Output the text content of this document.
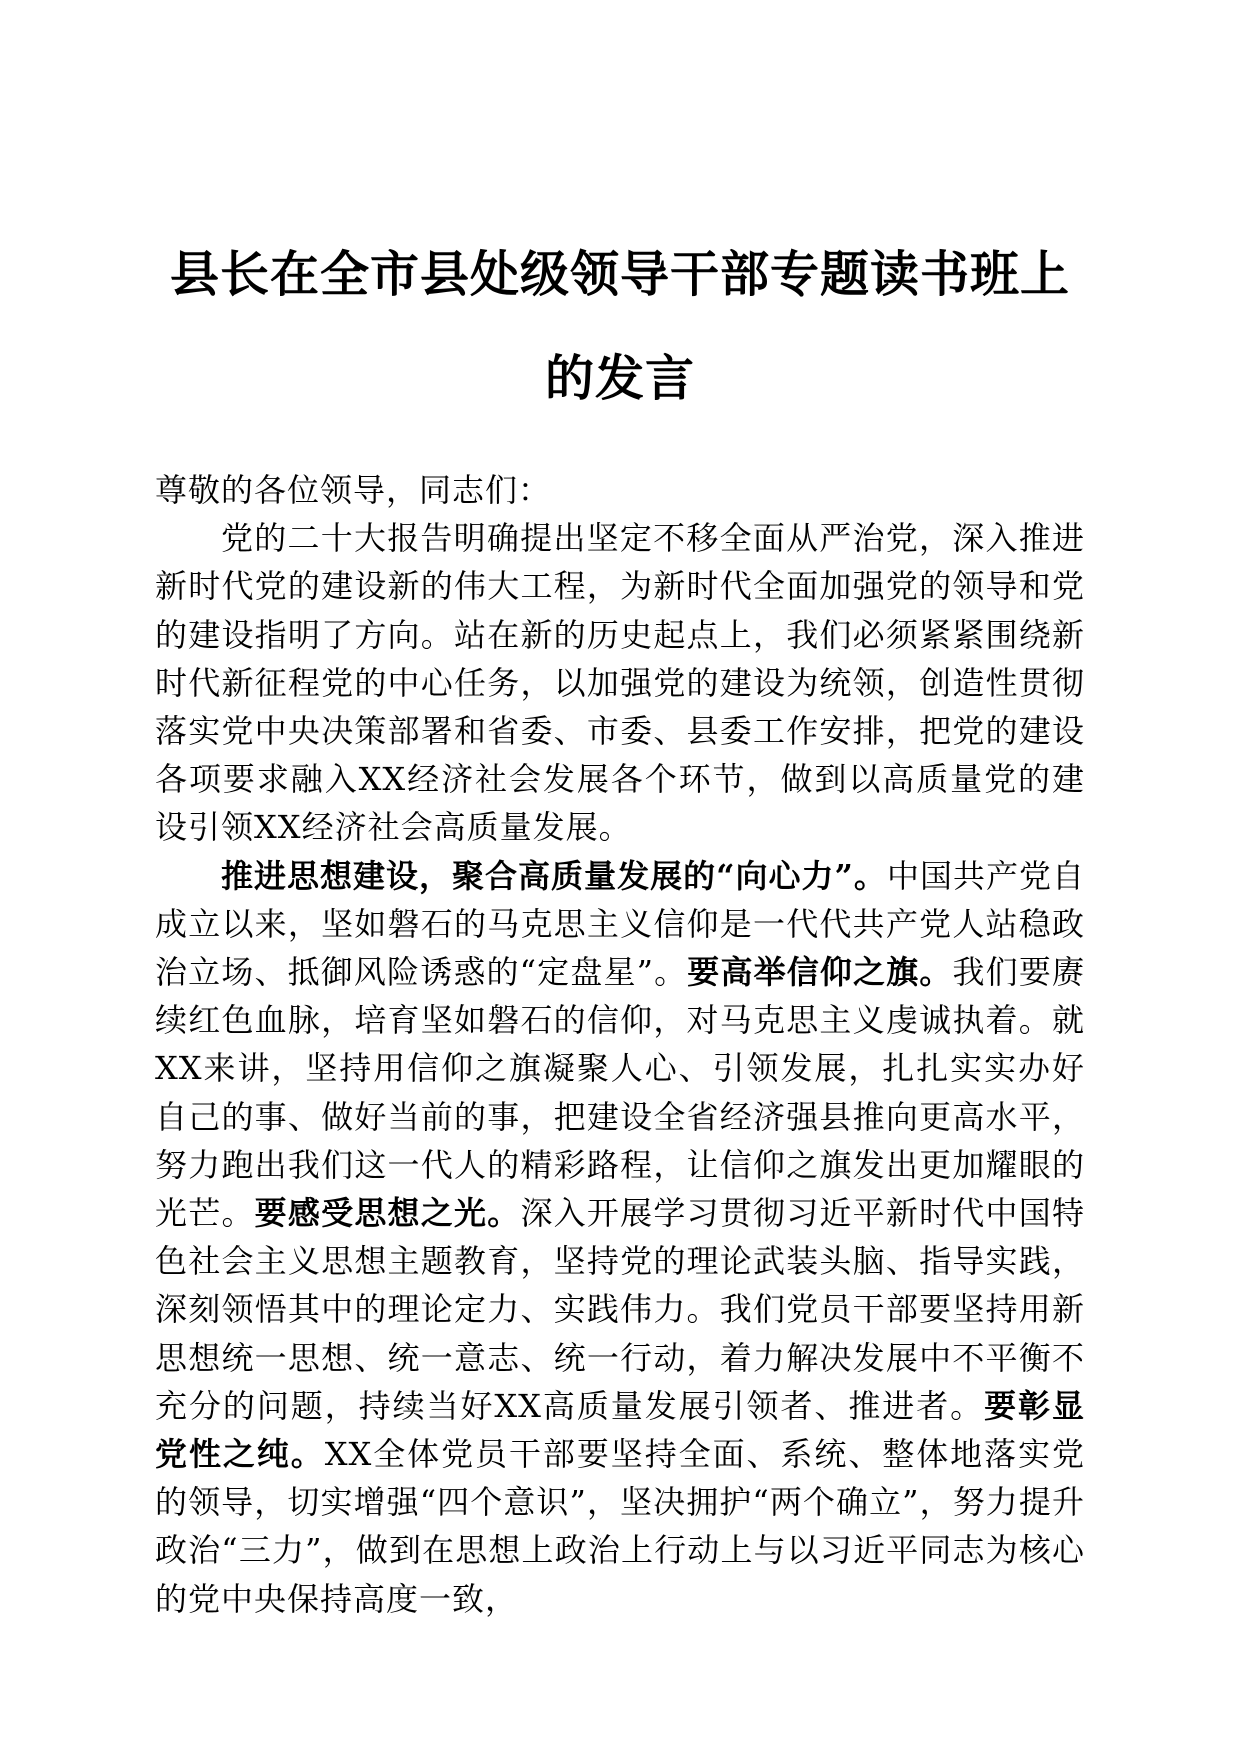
县长在全市县处级领导干部专题读书班上的发言

尊敬的各位领导，同志们：

党的二十大报告明确提出坚定不移全面从严治党，深入推进新时代党的建设新的伟大工程，为新时代全面加强党的领导和党的建设指明了方向。站在新的历史起点上，我们必须紧紧围绕新时代新征程党的中心任务，以加强党的建设为统领，创造性贯彻落实党中央决策部署和省委、市委、县委工作安排，把党的建设各项要求融入XX经济社会发展各个环节，做到以高质量党的建设引领XX经济社会高质量发展。

推进思想建设，聚合高质量发展的“向心力”。中国共产党自成立以来，坚如磐石的马克思主义信仰是一代代共产党人站稳政治立场、抵御风险诱惑的“定盘星”。要高举信仰之旗。我们要赓续红色血脉，培育坚如磐石的信仰，对马克思主义虔诚执着。就XX来讲，坚持用信仰之旗凝聚人心、引领发展，扎扎实实办好自己的事、做好当前的事，把建设全省经济强县推向更高水平，努力跑出我们这一代人的精彩路程，让信仰之旗发出更加耀眼的光芒。要感受思想之光。深入开展学习贯彻习近平新时代中国特色社会主义思想主题教育，坚持党的理论武装头脑、指导实践，深刻领悟其中的理论定力、实践伟力。我们党员干部要坚持用新思想统一思想、统一意志、统一行动，着力解决发展中不平衡不充分的问题，持续当好XX高质量发展引领者、推进者。要彰显党性之纯。XX全体党员干部要坚持全面、系统、整体地落实党的领导，切实增强“四个意识”，坚决拥护“两个确立”，努力提升政治“三力”，做到在思想上政治上行动上与以习近平同志为核心的党中央保持高度一致，
